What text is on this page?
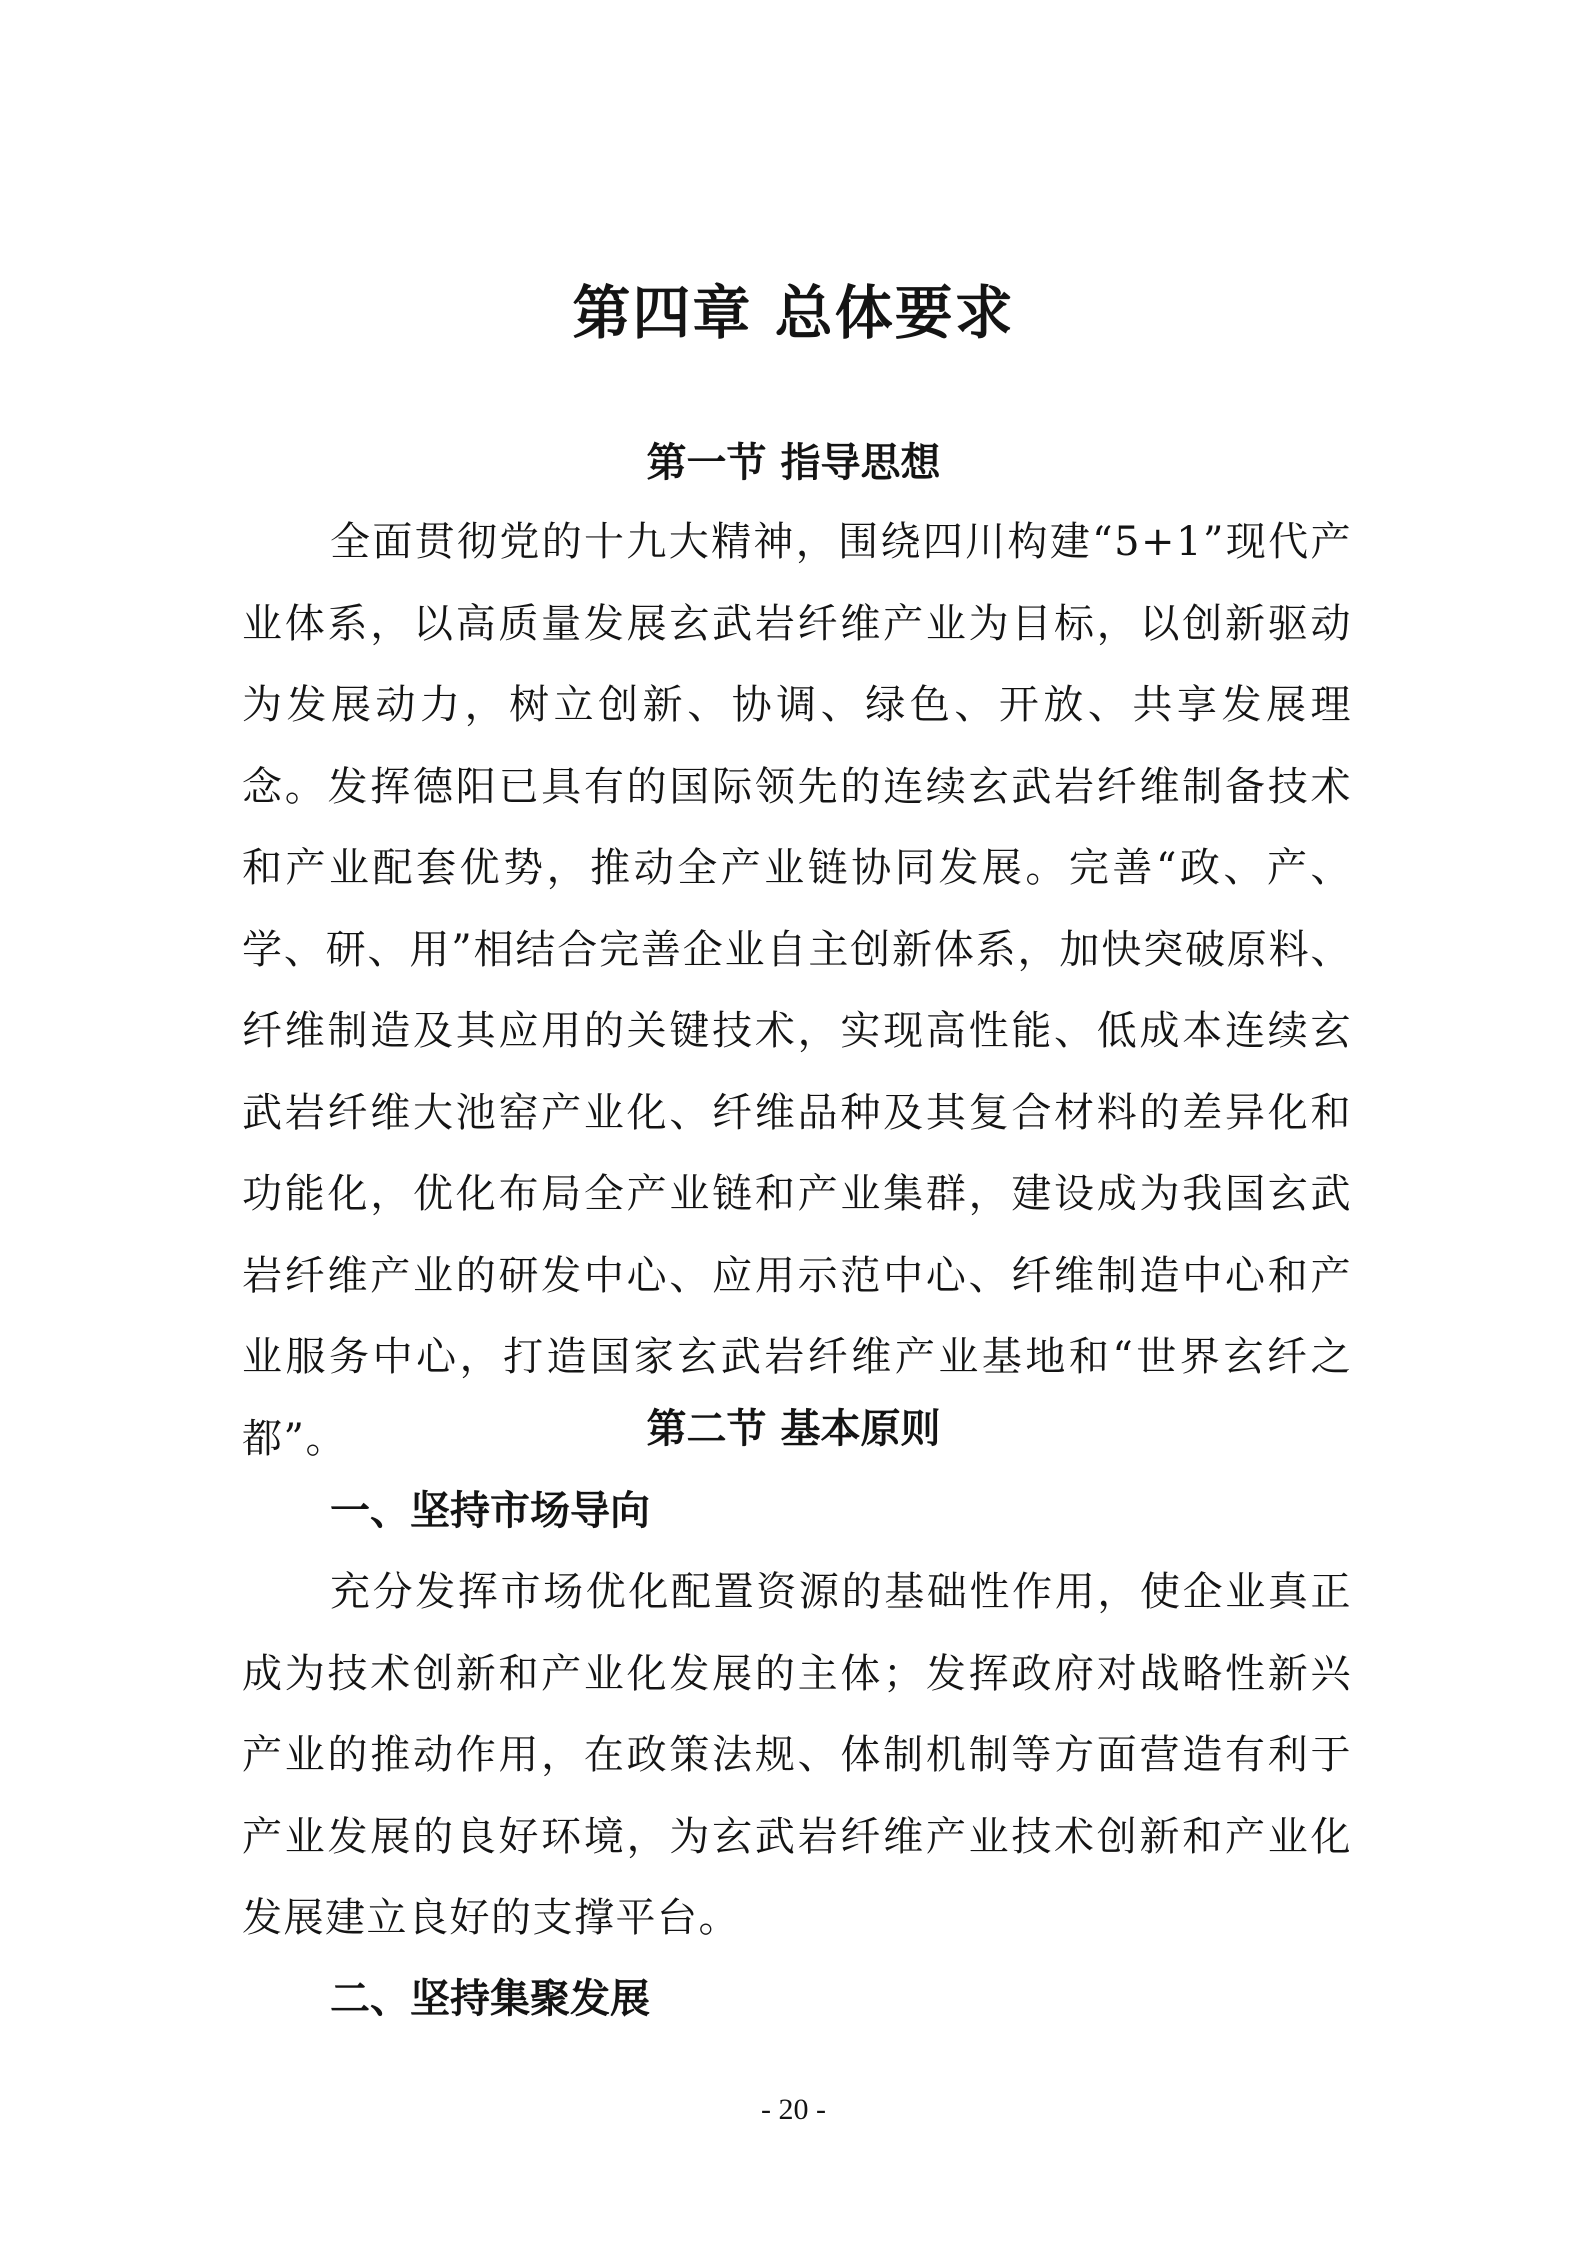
第四章 总体要求
第一节 指导思想

全面贯彻党的十九大精神，围绕四川构建“5+1”现代产业体系，以高质量发展玄武岩纤维产业为目标，以创新驱动为发展动力，树立创新、协调、绿色、开放、共享发展理念。发挥德阳已具有的国际领先的连续玄武岩纤维制备技术和产业配套优势，推动全产业链协同发展。完善“政、产、学、研、用”相结合完善企业自主创新体系，加快突破原料、纤维制造及其应用的关键技术，实现高性能、低成本连续玄武岩纤维大池窑产业化、纤维品种及其复合材料的差异化和功能化，优化布局全产业链和产业集群，建设成为我国玄武岩纤维产业的研发中心、应用示范中心、纤维制造中心和产业服务中心，打造国家玄武岩纤维产业基地和“世界玄纤之都”。	第二节 基本原则
一、坚持市场导向

充分发挥市场优化配置资源的基础性作用，使企业真正成为技术创新和产业化发展的主体；发挥政府对战略性新兴产业的推动作用，在政策法规、体制机制等方面营造有利于产业发展的良好环境，为玄武岩纤维产业技术创新和产业化发展建立良好的支撑平台。

二、坚持集聚发展

- 20 -
